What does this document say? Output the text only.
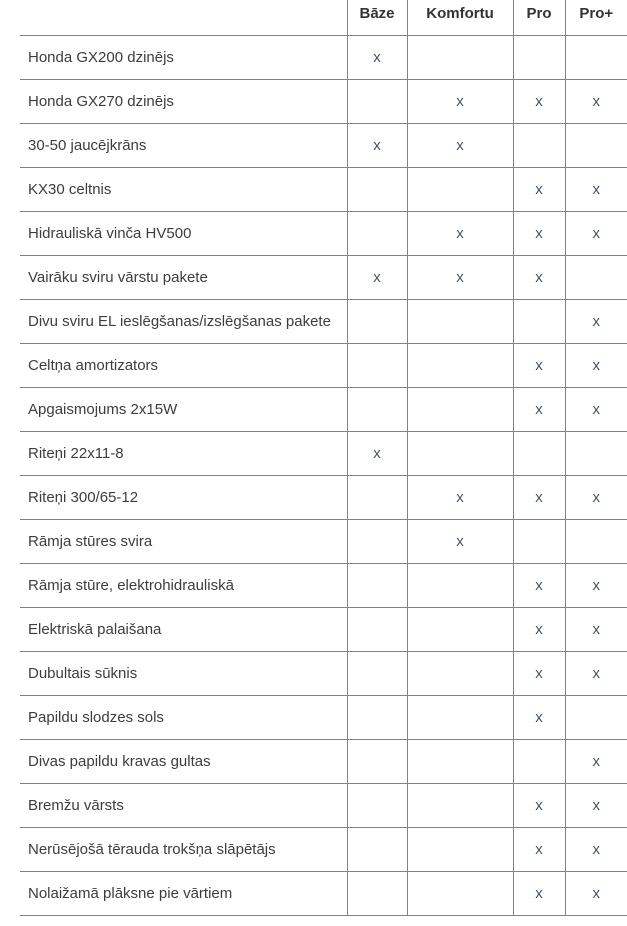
	Bāze	Komfortu	Pro	Pro+
Honda GX200 dzinējs	x			
Honda GX270 dzinējs		x	x	x
30-50 jaucējkrāns	x	x		
KX30 celtnis			x	x
Hidrauliskā vinča HV500		x	x	x
Vairāku sviru vārstu pakete	x	x	x	
Divu sviru EL ieslēgšanas/izslēgšanas pakete				x
Celtņa amortizators			x	x
Apgaismojums 2x15W			x	x
Riteņi 22x11-8	x			
Riteņi 300/65-12		x	x	x
Rāmja stūres svira		x		
Rāmja stūre, elektrohidrauliskā			x	x
Elektriskā palaišana			x	x
Dubultais sūknis			x	x
Papildu slodzes sols			x	
Divas papildu kravas gultas				x
Bremžu vārsts			x	x
Nerūsējošā tērauda trokšņa slāpētājs			x	x
Nolaižamā plāksne pie vārtiem			x	x
